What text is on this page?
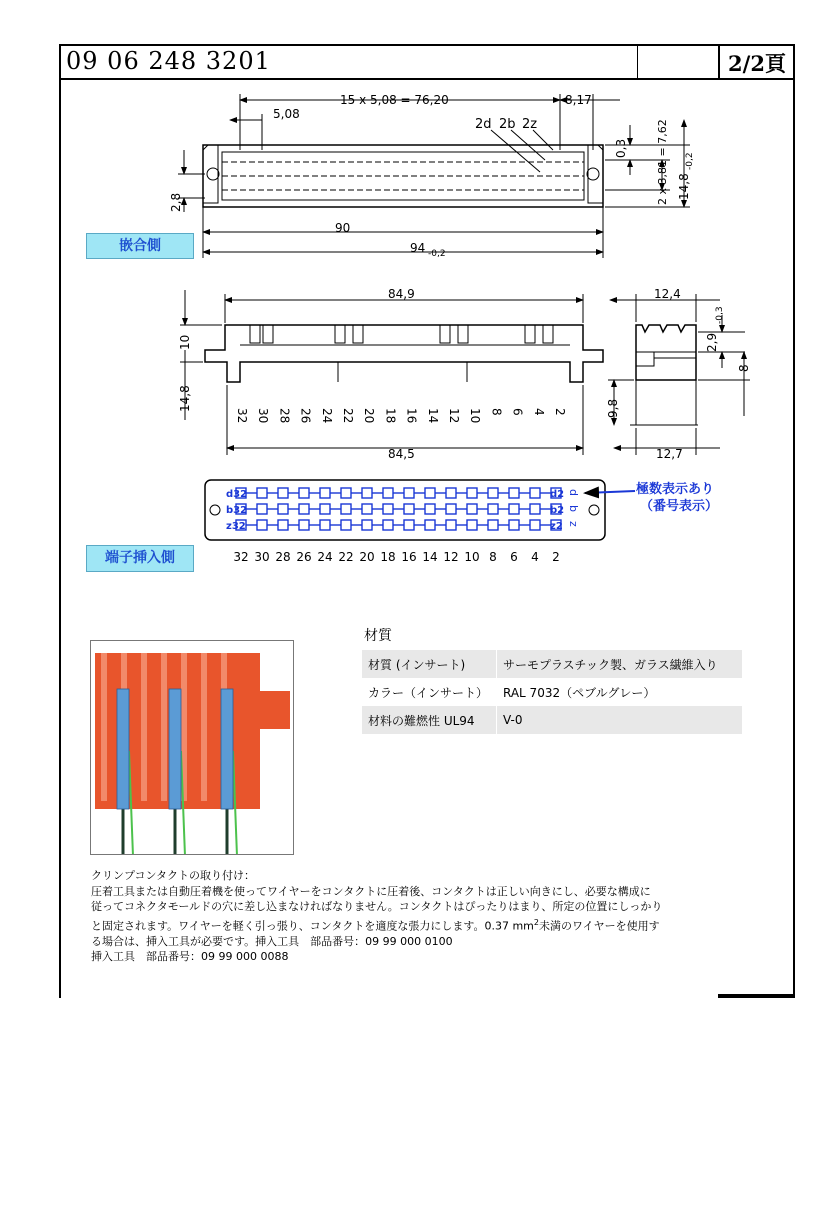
09 06 248 3201	2/2頁
d32	d2
b32	b2
z32	z2
15 x 5,08 = 76,20
5,08
8,17
2d 2b 2z
90
94 -0,2
2,8
0,3	2 x 3,81 = 7,62 14,8
-0,2
84,9
84,5
10
14,8
32 30 28 26 24 22 20 18 16 14 12 10 8 6 4 2
12,4
2,9
-0,3
8
9,8
12,7
32 30 28 26 24 22 20 18 16 14 12 10 8 6 4 2
d
b
z
嵌合側
端子挿入側
極数表示あり
（番号表示）
材質
材質 (インサート)	サーモプラスチック製、ガラス繊維入り
カラー（インサート）	RAL 7032（ペブルグレー）
材料の難燃性 UL94	V-0

クリンプコンタクトの取り付け：

圧着工具または自動圧着機を使ってワイヤーをコンタクトに圧着後、コンタクトは正しい向きにし、必要な構成に

従ってコネクタモールドの穴に差し込まなければなりません。コンタクトはぴったりはまり、所定の位置にしっかり

と固定されます。ワイヤーを軽く引っ張り、コンタクトを適度な張力にします。0.37 $mm^2$未満のワイヤーを使用す

る場合は、挿入工具が必要です。挿入工具　部品番号：09 99 000 0100

挿入工具　部品番号：09 99 000 0088
